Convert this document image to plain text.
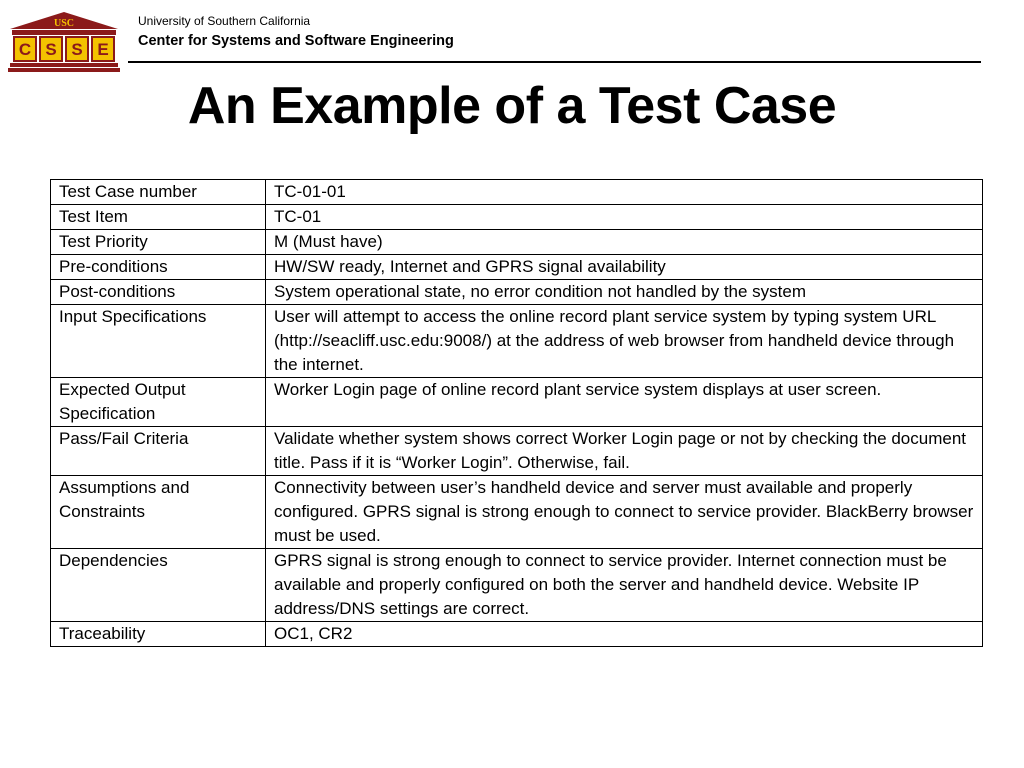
USC
C S S E
University of Southern California
Center for Systems and Software Engineering
An Example of a Test Case
Test Case number	TC-01-01
Test Item	TC-01
Test Priority	M (Must have)
Pre-conditions	HW/SW ready, Internet and GPRS signal availability
Post-conditions	System operational state, no error condition not handled by the system
Input Specifications	User will attempt to access the online record plant service system by typing system URL (http://seacliff.usc.edu:9008/) at the address of web browser from handheld device through the internet.
Expected Output Specification	Worker Login page of online record plant service system displays at user screen.
Pass/Fail Criteria	Validate whether system shows correct Worker Login page or not by checking the document title. Pass if it is “Worker Login”. Otherwise, fail.
Assumptions and Constraints	Connectivity between user’s handheld device and server must available and properly configured. GPRS signal is strong enough to connect to service provider. BlackBerry browser must be used.
Dependencies	GPRS signal is strong enough to connect to service provider. Internet connection must be available and properly configured on both the server and handheld device. Website IP address/DNS settings are correct.
Traceability	OC1, CR2
